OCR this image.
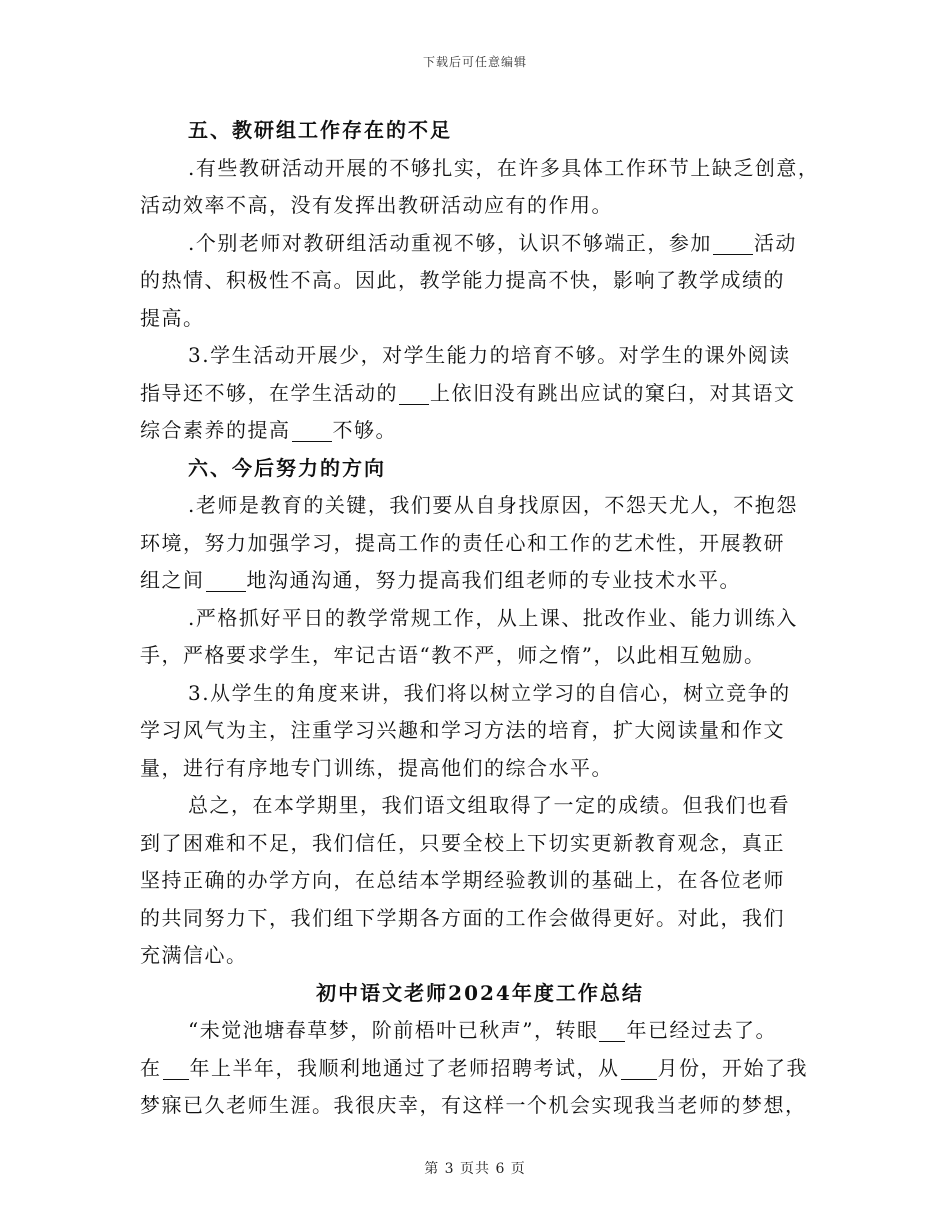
下载后可任意编辑
五、教研组工作存在的不足
.有些教研活动开展的不够扎实，在许多具体工作环节上缺乏创意，
活动效率不高，没有发挥出教研活动应有的作用。
.个别老师对教研组活动重视不够，认识不够端正，参加 活动
的热情、积极性不高。因此，教学能力提高不快，影响了教学成绩的
提高。
3.学生活动开展少，对学生能力的培育不够。对学生的课外阅读
指导还不够，在学生活动的 上依旧没有跳出应试的窠臼，对其语文
综合素养的提高 不够。
六、今后努力的方向
.老师是教育的关键，我们要从自身找原因，不怨天尤人，不抱怨
环境，努力加强学习，提高工作的责任心和工作的艺术性，开展教研
组之间 地沟通沟通，努力提高我们组老师的专业技术水平。
.严格抓好平日的教学常规工作，从上课、批改作业、能力训练入
手，严格要求学生，牢记古语“教不严，师之惰”，以此相互勉励。
3.从学生的角度来讲，我们将以树立学习的自信心，树立竞争的
学习风气为主，注重学习兴趣和学习方法的培育，扩大阅读量和作文
量，进行有序地专门训练，提高他们的综合水平。
总之，在本学期里，我们语文组取得了一定的成绩。但我们也看
到了困难和不足，我们信任，只要全校上下切实更新教育观念，真正
坚持正确的办学方向，在总结本学期经验教训的基础上，在各位老师
的共同努力下，我们组下学期各方面的工作会做得更好。对此，我们
充满信心。
初中语文老师2024年度工作总结
“未觉池塘春草梦，阶前梧叶已秋声”，转眼 年已经过去了。
在 年上半年，我顺利地通过了老师招聘考试，从 月份，开始了我
梦寐已久老师生涯。我很庆幸，有这样一个机会实现我当老师的梦想，
第 3 页共 6 页
